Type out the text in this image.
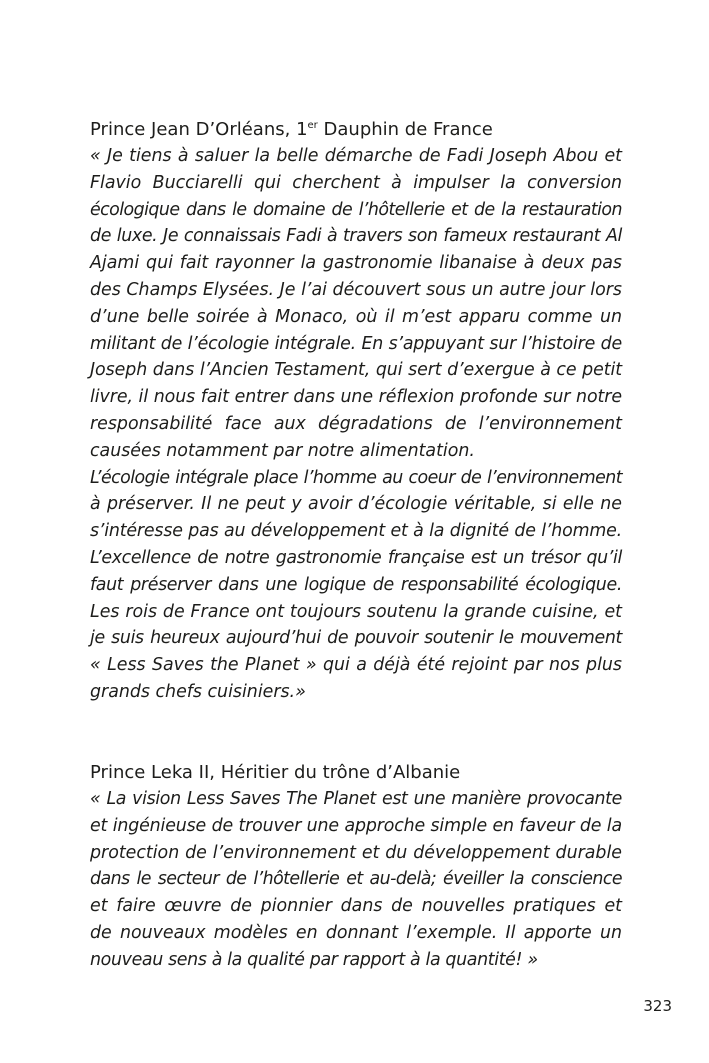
Prince Jean D’Orléans, 1er Dauphin de France

« Je tiens à saluer la belle démarche de Fadi Joseph Abou et
Flavio Bucciarelli qui cherchent à impulser la conversion
écologique dans le domaine de l’hôtellerie et de la restauration
de luxe. Je connaissais Fadi à travers son fameux restaurant Al
Ajami qui fait rayonner la gastronomie libanaise à deux pas
des Champs Elysées. Je l’ai découvert sous un autre jour lors
d’une belle soirée à Monaco, où il m’est apparu comme un
militant de l’écologie intégrale. En s’appuyant sur l’histoire de
Joseph dans l’Ancien Testament, qui sert d’exergue à ce petit
livre, il nous fait entrer dans une réflexion profonde sur notre
responsabilité face aux dégradations de l’environnement
causées notamment par notre alimentation.
L’écologie intégrale place l’homme au coeur de l’environnement
à préserver. Il ne peut y avoir d’écologie véritable, si elle ne
s’intéresse pas au développement et à la dignité de l’homme.
L’excellence de notre gastronomie française est un trésor qu’il
faut préserver dans une logique de responsabilité écologique.
Les rois de France ont toujours soutenu la grande cuisine, et
je suis heureux aujourd’hui de pouvoir soutenir le mouvement
« Less Saves the Planet » qui a déjà été rejoint par nos plus
grands chefs cuisiniers.»

Prince Leka II, Héritier du trône d’Albanie

« La vision Less Saves The Planet est une manière provocante
et ingénieuse de trouver une approche simple en faveur de la
protection de l’environnement et du développement durable
dans le secteur de l’hôtellerie et au-delà; éveiller la conscience
et faire œuvre de pionnier dans de nouvelles pratiques et
de nouveaux modèles en donnant l’exemple. Il apporte un
nouveau sens à la qualité par rapport à la quantité! »

323
